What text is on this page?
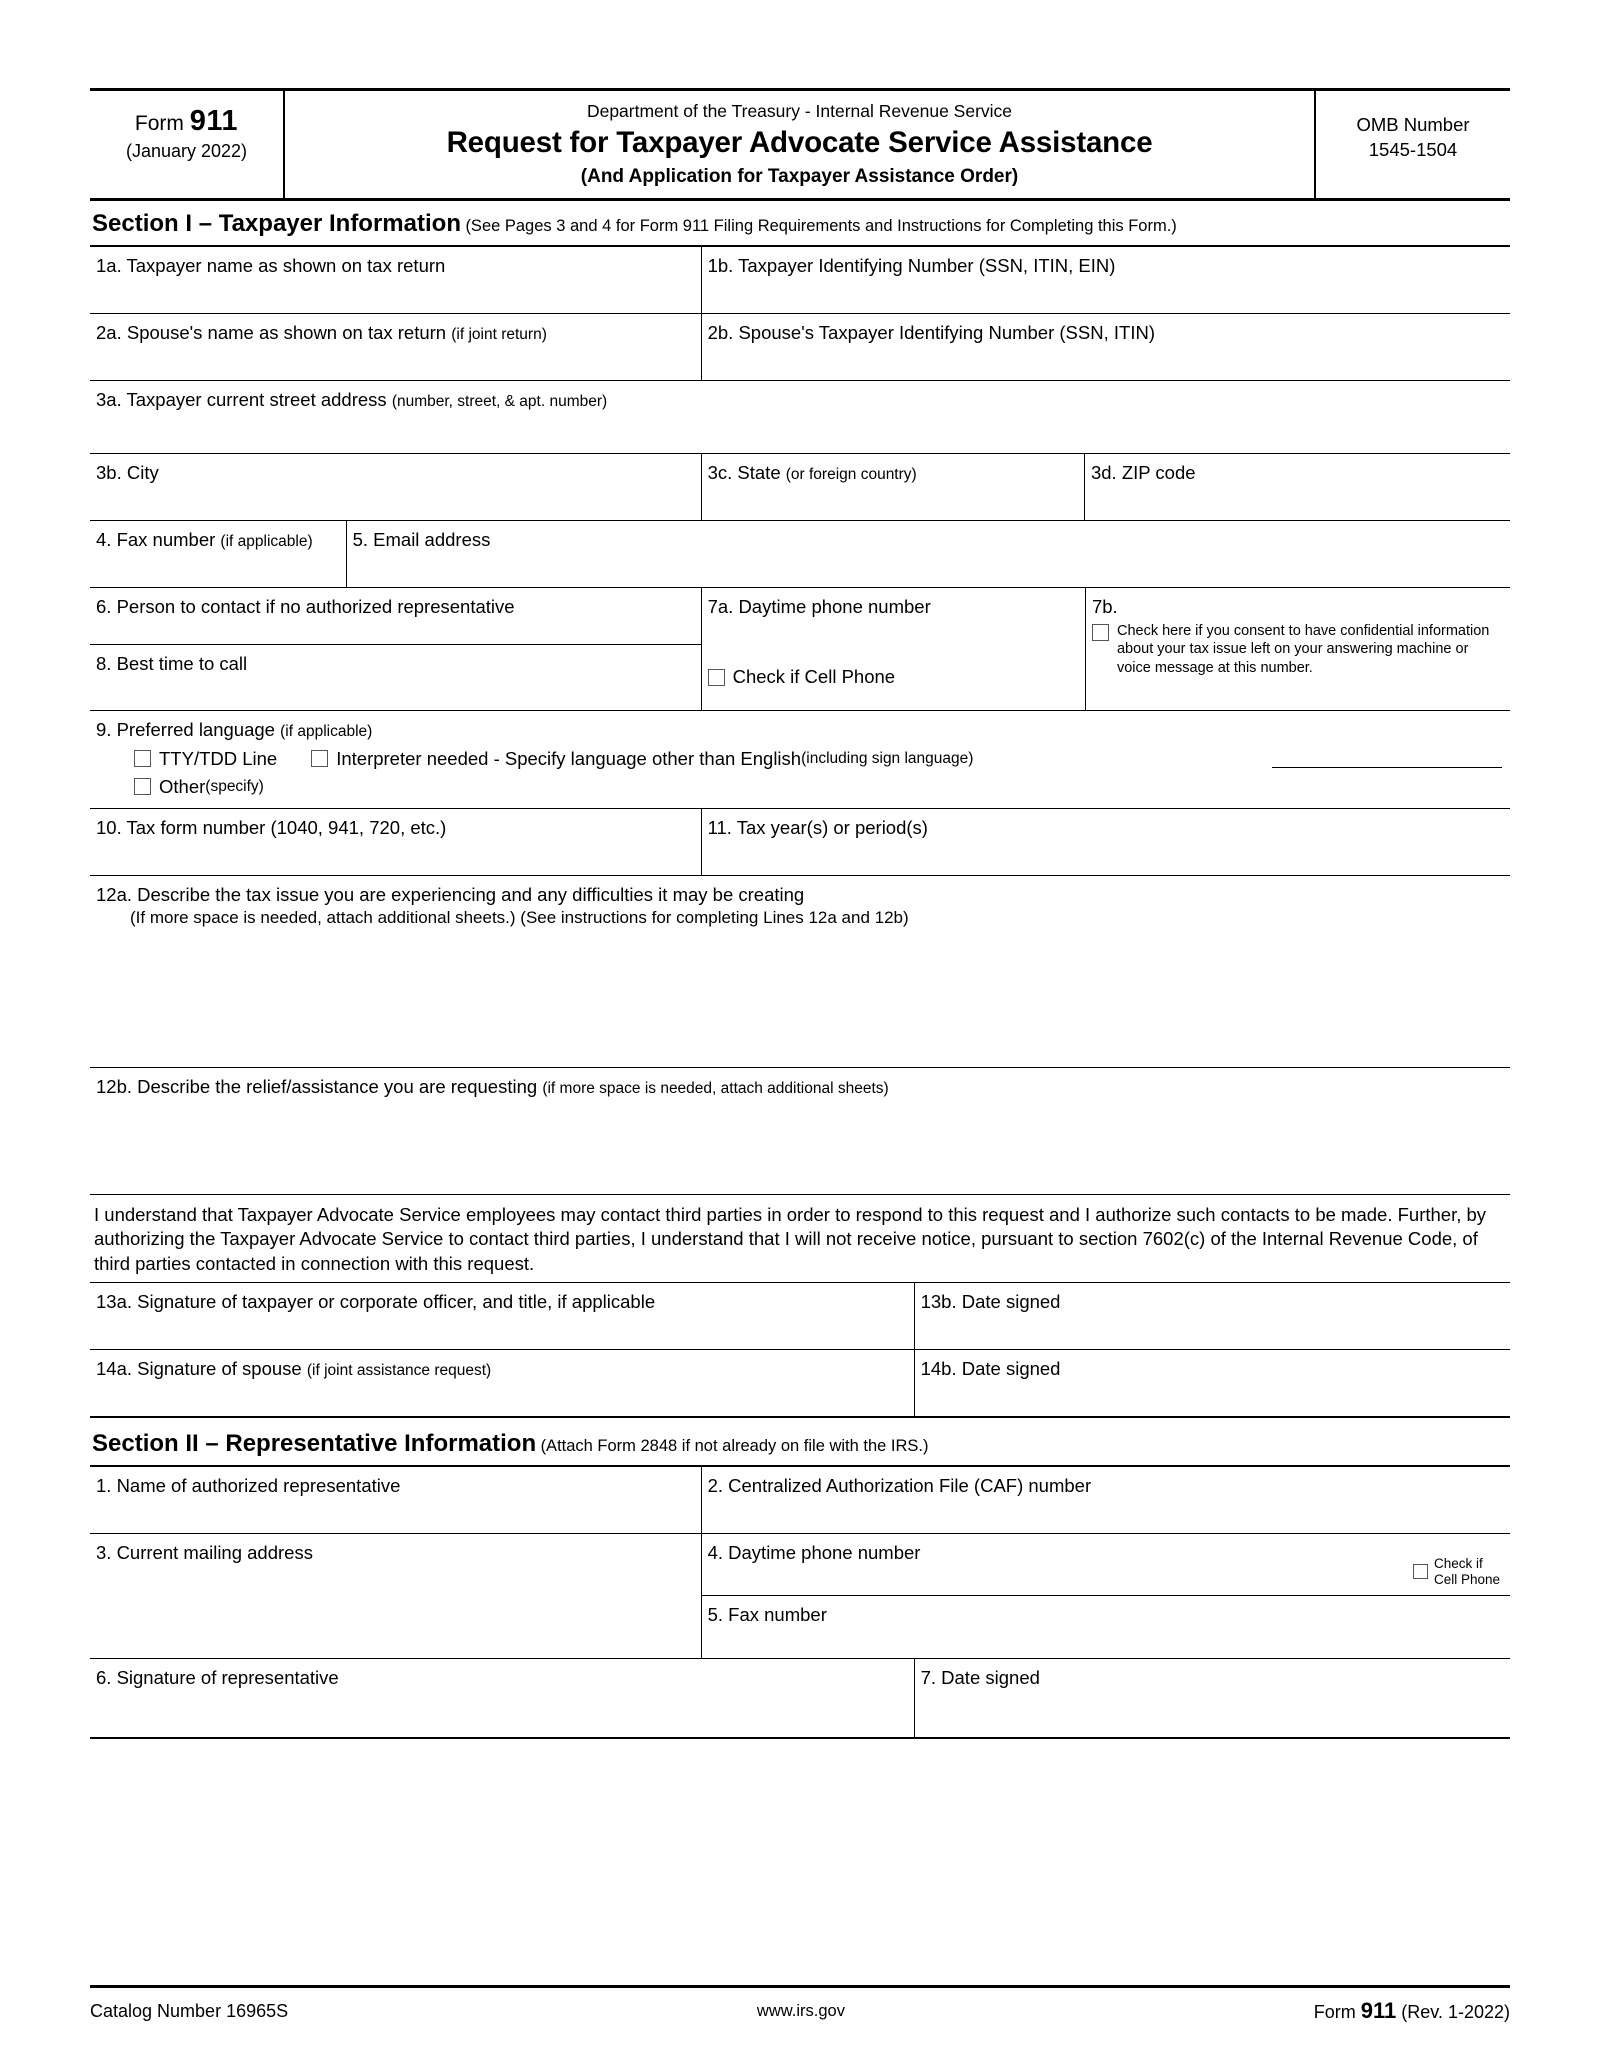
Form 911
(January 2022)
Department of the Treasury - Internal Revenue Service
Request for Taxpayer Advocate Service Assistance
(And Application for Taxpayer Assistance Order)
OMB Number
1545-1504
Section I – Taxpayer Information (See Pages 3 and 4 for Form 911 Filing Requirements and Instructions for Completing this Form.)
1a. Taxpayer name as shown on tax return	1b. Taxpayer Identifying Number (SSN, ITIN, EIN)
2a. Spouse's name as shown on tax return (if joint return)	2b. Spouse's Taxpayer Identifying Number (SSN, ITIN)
3a. Taxpayer current street address (number, street, & apt. number)
3b. City	3c. State (or foreign country)	3d. ZIP code
4. Fax number (if applicable)	5. Email address
6. Person to contact if no authorized representative
8. Best time to call
7a. Daytime phone number
Check if Cell Phone
7b.
Check here if you consent to have confidential information about your tax issue left on your answering machine or voice message at this number.
9. Preferred language (if applicable)
TTY/TDD Line	Interpreter needed - Specify language other than English (including sign language)
Other (specify)
10. Tax form number (1040, 941, 720, etc.)	11. Tax year(s) or period(s)
12a. Describe the tax issue you are experiencing and any difficulties it may be creating
(If more space is needed, attach additional sheets.) (See instructions for completing Lines 12a and 12b)
12b. Describe the relief/assistance you are requesting (if more space is needed, attach additional sheets)
I understand that Taxpayer Advocate Service employees may contact third parties in order to respond to this request and I authorize such contacts to be made. Further, by authorizing the Taxpayer Advocate Service to contact third parties, I understand that I will not receive notice, pursuant to section 7602(c) of the Internal Revenue Code, of third parties contacted in connection with this request.
13a. Signature of taxpayer or corporate officer, and title, if applicable	13b. Date signed
14a. Signature of spouse (if joint assistance request)	14b. Date signed
Section II – Representative Information (Attach Form 2848 if not already on file with the IRS.)
1. Name of authorized representative	2. Centralized Authorization File (CAF) number
3. Current mailing address	4. Daytime phone number
Check if
Cell Phone
5. Fax number
6. Signature of representative	7. Date signed
Catalog Number 16965S	www.irs.gov	Form 911 (Rev. 1-2022)
